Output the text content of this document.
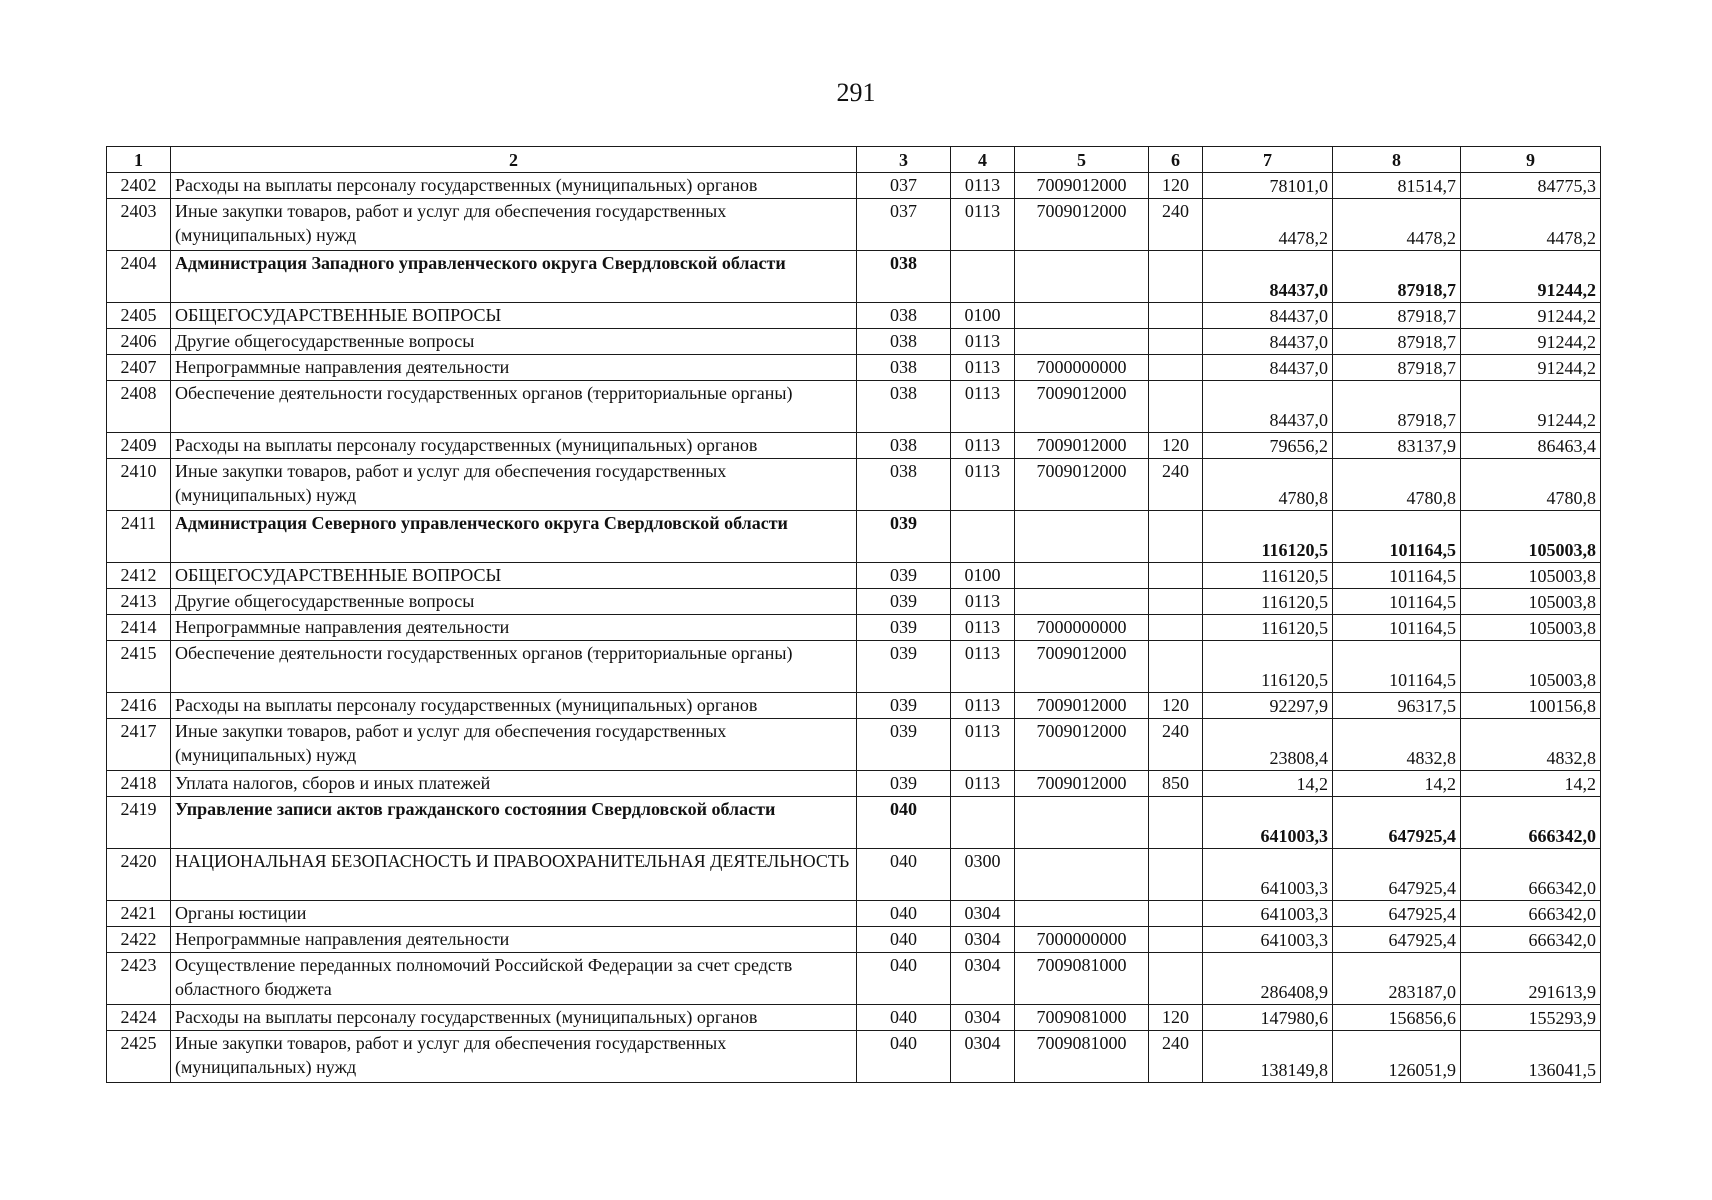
291
1	2	3	4	5	6	7	8	9
2402	Расходы на выплаты персоналу государственных (муниципальных) органов	037	0113	7009012000	120	78101,0	81514,7	84775,3
2403	Иные закупки товаров, работ и услуг для обеспечения государственных (муниципальных) нужд	037	0113	7009012000	240	4478,2	4478,2	4478,2
2404	Администрация Западного управленческого округа Свердловской области	038				84437,0	87918,7	91244,2
2405	ОБЩЕГОСУДАРСТВЕННЫЕ ВОПРОСЫ	038	0100			84437,0	87918,7	91244,2
2406	Другие общегосударственные вопросы	038	0113			84437,0	87918,7	91244,2
2407	Непрограммные направления деятельности	038	0113	7000000000		84437,0	87918,7	91244,2
2408	Обеспечение деятельности государственных органов (территориальные органы)	038	0113	7009012000		84437,0	87918,7	91244,2
2409	Расходы на выплаты персоналу государственных (муниципальных) органов	038	0113	7009012000	120	79656,2	83137,9	86463,4
2410	Иные закупки товаров, работ и услуг для обеспечения государственных (муниципальных) нужд	038	0113	7009012000	240	4780,8	4780,8	4780,8
2411	Администрация Северного управленческого округа Свердловской области	039				116120,5	101164,5	105003,8
2412	ОБЩЕГОСУДАРСТВЕННЫЕ ВОПРОСЫ	039	0100			116120,5	101164,5	105003,8
2413	Другие общегосударственные вопросы	039	0113			116120,5	101164,5	105003,8
2414	Непрограммные направления деятельности	039	0113	7000000000		116120,5	101164,5	105003,8
2415	Обеспечение деятельности государственных органов (территориальные органы)	039	0113	7009012000		116120,5	101164,5	105003,8
2416	Расходы на выплаты персоналу государственных (муниципальных) органов	039	0113	7009012000	120	92297,9	96317,5	100156,8
2417	Иные закупки товаров, работ и услуг для обеспечения государственных (муниципальных) нужд	039	0113	7009012000	240	23808,4	4832,8	4832,8
2418	Уплата налогов, сборов и иных платежей	039	0113	7009012000	850	14,2	14,2	14,2
2419	Управление записи актов гражданского состояния Свердловской области	040				641003,3	647925,4	666342,0
2420	НАЦИОНАЛЬНАЯ БЕЗОПАСНОСТЬ И ПРАВООХРАНИТЕЛЬНАЯ ДЕЯТЕЛЬНОСТЬ	040	0300			641003,3	647925,4	666342,0
2421	Органы юстиции	040	0304			641003,3	647925,4	666342,0
2422	Непрограммные направления деятельности	040	0304	7000000000		641003,3	647925,4	666342,0
2423	Осуществление переданных полномочий Российской Федерации за счет средств областного бюджета	040	0304	7009081000		286408,9	283187,0	291613,9
2424	Расходы на выплаты персоналу государственных (муниципальных) органов	040	0304	7009081000	120	147980,6	156856,6	155293,9
2425	Иные закупки товаров, работ и услуг для обеспечения государственных (муниципальных) нужд	040	0304	7009081000	240	138149,8	126051,9	136041,5
